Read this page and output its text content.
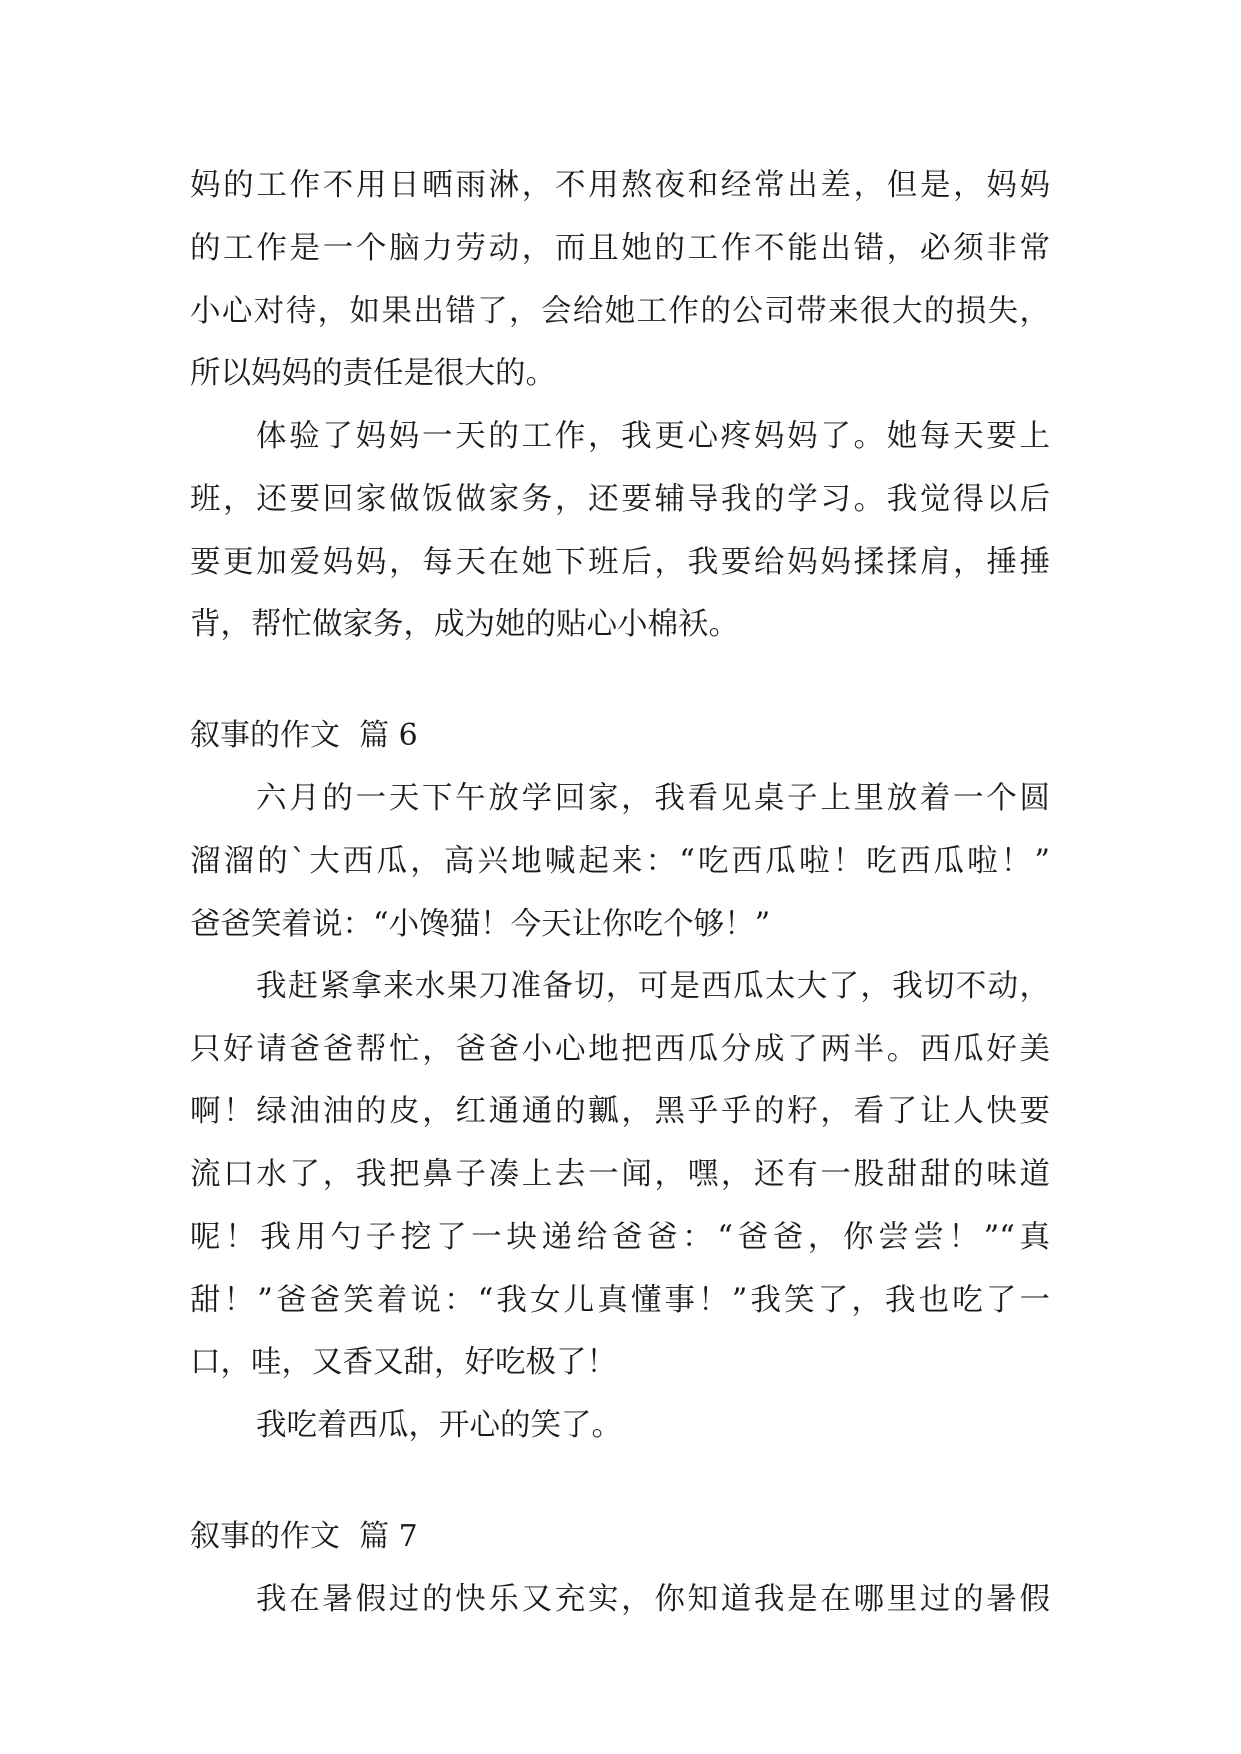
妈的工作不用日晒雨淋，不用熬夜和经常出差，但是，妈妈
的工作是一个脑力劳动，而且她的工作不能出错，必须非常
小心对待，如果出错了，会给她工作的公司带来很大的损失，
所以妈妈的责任是很大的。
体验了妈妈一天的工作，我更心疼妈妈了。她每天要上
班，还要回家做饭做家务，还要辅导我的学习。我觉得以后
要更加爱妈妈，每天在她下班后，我要给妈妈揉揉肩，捶捶
背，帮忙做家务，成为她的贴心小棉袄。
叙事的作文  篇 6
六月的一天下午放学回家，我看见桌子上里放着一个圆
溜溜的`大西瓜，高兴地喊起来：“吃西瓜啦！吃西瓜啦！”
爸爸笑着说：“小馋猫！今天让你吃个够！”
我赶紧拿来水果刀准备切，可是西瓜太大了，我切不动，
只好请爸爸帮忙，爸爸小心地把西瓜分成了两半。西瓜好美
啊！绿油油的皮，红通通的瓤，黑乎乎的籽，看了让人快要
流口水了，我把鼻子凑上去一闻，嘿，还有一股甜甜的味道
呢！我用勺子挖了一块递给爸爸：“爸爸，你尝尝！”“真
甜！”爸爸笑着说：“我女儿真懂事！”我笑了，我也吃了一
口，哇，又香又甜，好吃极了！
我吃着西瓜，开心的笑了。
叙事的作文  篇 7
我在暑假过的快乐又充实，你知道我是在哪里过的暑假
